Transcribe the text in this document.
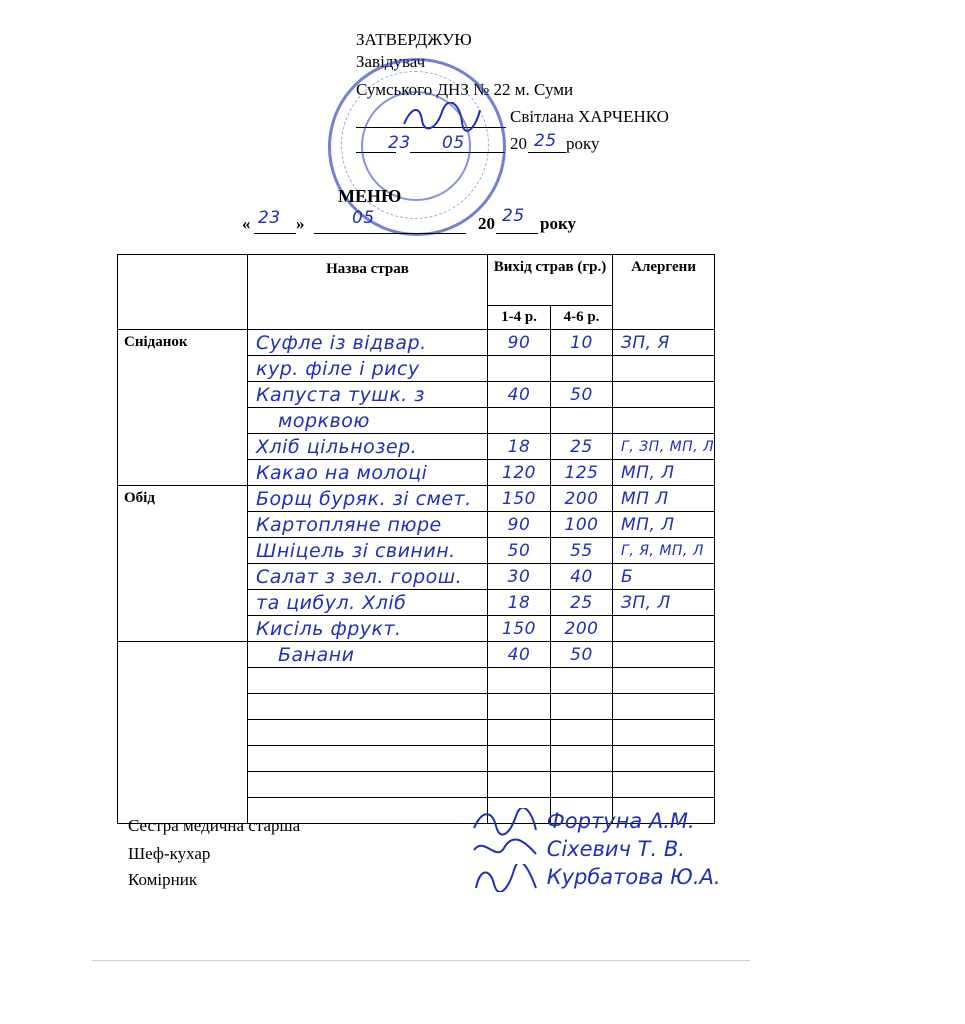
ЗАТВЕРДЖУЮ
Завідувач
Сумського ДНЗ № 22 м. Суми
Світлана ХАРЧЕНКО
23 05	20 25 року
МЕНЮ
« 23 »	05	20 25 року
	Назва страв	Вихід страв (гр.)		Алергени
		1-4 р.	4-6 р.	
Сніданок	Суфле із відвар.	90	10	ЗП, Я
	кур. філе і рису			
	Капуста тушк. з	40	50	
	морквою			
	Хліб цільнозер.	18	25	Г, ЗП, МП, Л
	Какао на молоці	120	125	МП, Л
Обід	Борщ буряк. зі смет.	150	200	МП Л
	Картопляне пюре	90	100	МП, Л
	Шніцель зі свинин.	50	55	Г, Я, МП, Л
	Салат з зел. горош.	30	40	Б
	та цибул. Хліб	18	25	ЗП, Л
	Кисіль фрукт.	150	200	
	Банани	40	50	

Сестра медична старша
Шеф-кухар
Комірник
Фортуна А.М.
Сіхевич Т. В.
Курбатова Ю.А.
